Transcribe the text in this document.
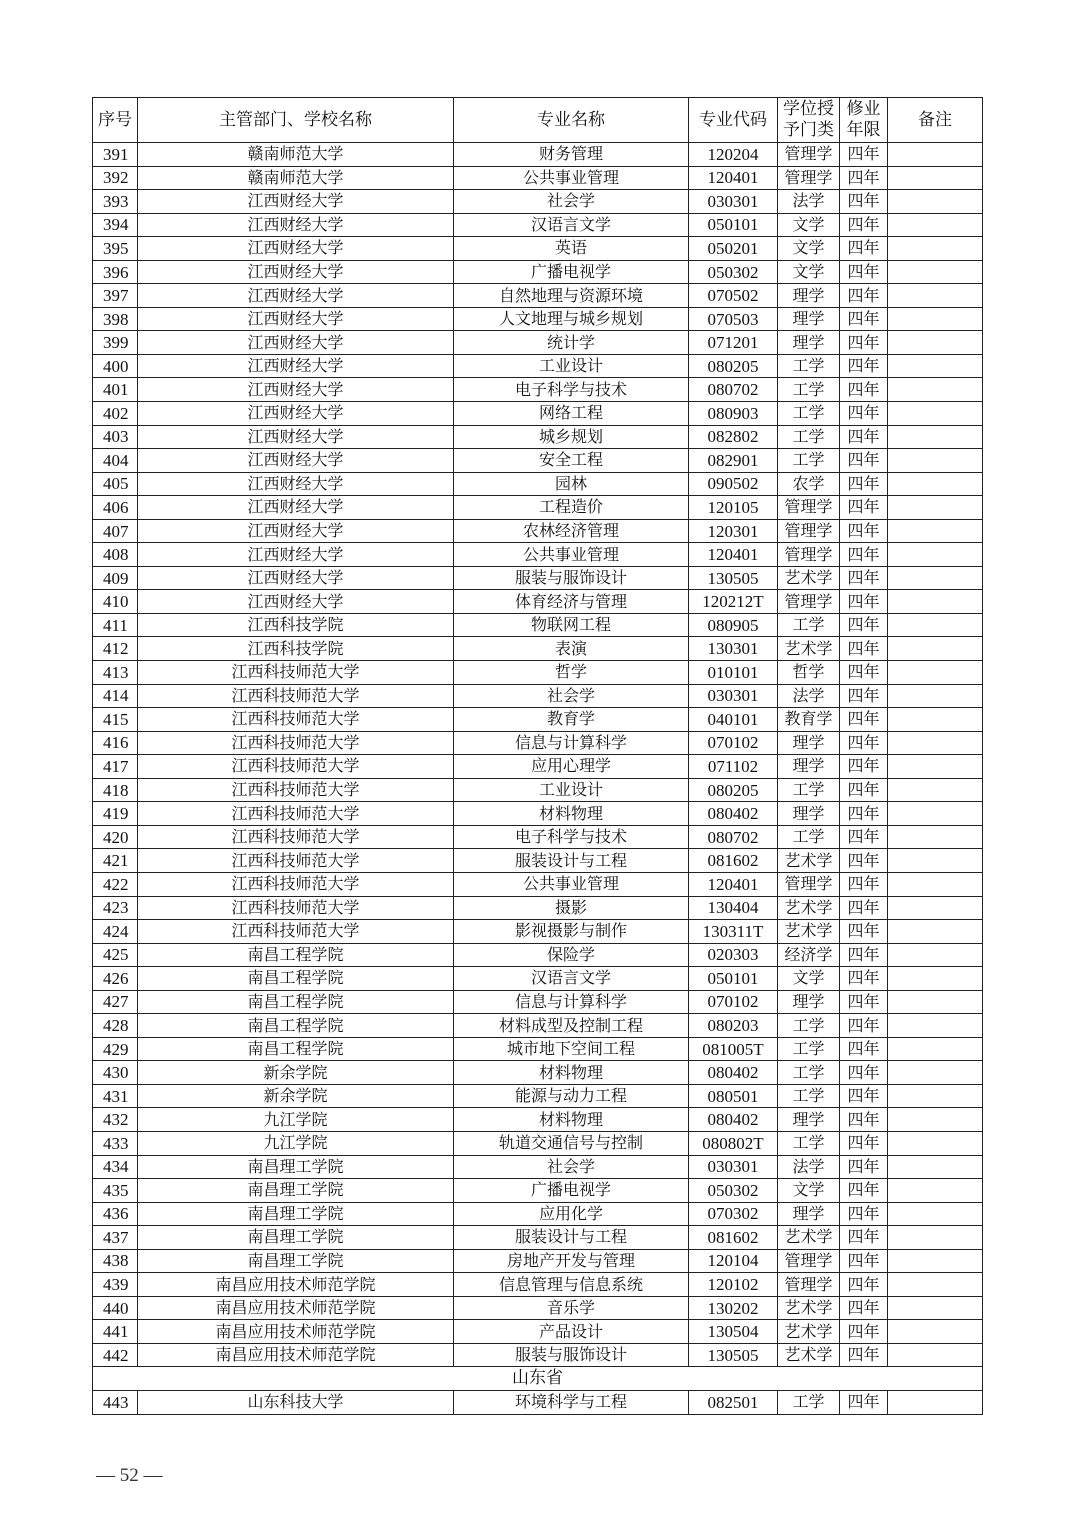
序号	主管部门、学校名称	专业名称	专业代码	学位授予门类	修业年限	备注
391	赣南师范大学	财务管理	120204	管理学	四年	
392	赣南师范大学	公共事业管理	120401	管理学	四年	
393	江西财经大学	社会学	030301	法学	四年	
394	江西财经大学	汉语言文学	050101	文学	四年	
395	江西财经大学	英语	050201	文学	四年	
396	江西财经大学	广播电视学	050302	文学	四年	
397	江西财经大学	自然地理与资源环境	070502	理学	四年	
398	江西财经大学	人文地理与城乡规划	070503	理学	四年	
399	江西财经大学	统计学	071201	理学	四年	
400	江西财经大学	工业设计	080205	工学	四年	
401	江西财经大学	电子科学与技术	080702	工学	四年	
402	江西财经大学	网络工程	080903	工学	四年	
403	江西财经大学	城乡规划	082802	工学	四年	
404	江西财经大学	安全工程	082901	工学	四年	
405	江西财经大学	园林	090502	农学	四年	
406	江西财经大学	工程造价	120105	管理学	四年	
407	江西财经大学	农林经济管理	120301	管理学	四年	
408	江西财经大学	公共事业管理	120401	管理学	四年	
409	江西财经大学	服装与服饰设计	130505	艺术学	四年	
410	江西财经大学	体育经济与管理	120212T	管理学	四年	
411	江西科技学院	物联网工程	080905	工学	四年	
412	江西科技学院	表演	130301	艺术学	四年	
413	江西科技师范大学	哲学	010101	哲学	四年	
414	江西科技师范大学	社会学	030301	法学	四年	
415	江西科技师范大学	教育学	040101	教育学	四年	
416	江西科技师范大学	信息与计算科学	070102	理学	四年	
417	江西科技师范大学	应用心理学	071102	理学	四年	
418	江西科技师范大学	工业设计	080205	工学	四年	
419	江西科技师范大学	材料物理	080402	理学	四年	
420	江西科技师范大学	电子科学与技术	080702	工学	四年	
421	江西科技师范大学	服装设计与工程	081602	艺术学	四年	
422	江西科技师范大学	公共事业管理	120401	管理学	四年	
423	江西科技师范大学	摄影	130404	艺术学	四年	
424	江西科技师范大学	影视摄影与制作	130311T	艺术学	四年	
425	南昌工程学院	保险学	020303	经济学	四年	
426	南昌工程学院	汉语言文学	050101	文学	四年	
427	南昌工程学院	信息与计算科学	070102	理学	四年	
428	南昌工程学院	材料成型及控制工程	080203	工学	四年	
429	南昌工程学院	城市地下空间工程	081005T	工学	四年	
430	新余学院	材料物理	080402	工学	四年	
431	新余学院	能源与动力工程	080501	工学	四年	
432	九江学院	材料物理	080402	理学	四年	
433	九江学院	轨道交通信号与控制	080802T	工学	四年	
434	南昌理工学院	社会学	030301	法学	四年	
435	南昌理工学院	广播电视学	050302	文学	四年	
436	南昌理工学院	应用化学	070302	理学	四年	
437	南昌理工学院	服装设计与工程	081602	艺术学	四年	
438	南昌理工学院	房地产开发与管理	120104	管理学	四年	
439	南昌应用技术师范学院	信息管理与信息系统	120102	管理学	四年	
440	南昌应用技术师范学院	音乐学	130202	艺术学	四年	
441	南昌应用技术师范学院	产品设计	130504	艺术学	四年	
442	南昌应用技术师范学院	服装与服饰设计	130505	艺术学	四年	
山东省						
443	山东科技大学	环境科学与工程	082501	工学	四年	
— 52 —
